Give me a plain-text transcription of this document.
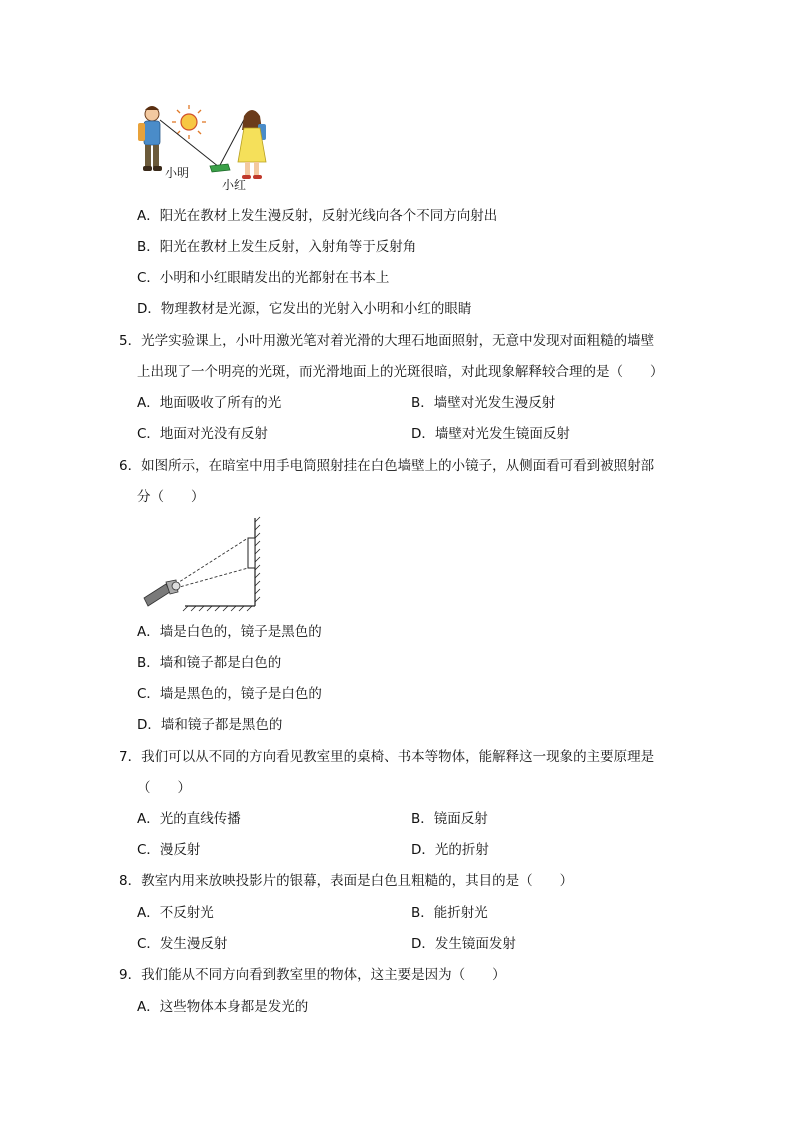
小明
小红
A．阳光在教材上发生漫反射，反射光线向各个不同方向射出
B．阳光在教材上发生反射，入射角等于反射角
C．小明和小红眼睛发出的光都射在书本上
D．物理教材是光源，它发出的光射入小明和小红的眼睛
5．光学实验课上，小叶用激光笔对着光滑的大理石地面照射，无意中发现对面粗糙的墙壁
上出现了一个明亮的光斑，而光滑地面上的光斑很暗，对此现象解释较合理的是（　　）
A．地面吸收了所有的光	B．墙壁对光发生漫反射
C．地面对光没有反射	D．墙壁对光发生镜面反射
6．如图所示，在暗室中用手电筒照射挂在白色墙壁上的小镜子，从侧面看可看到被照射部
分（　　）
A．墙是白色的，镜子是黑色的
B．墙和镜子都是白色的
C．墙是黑色的，镜子是白色的
D．墙和镜子都是黑色的
7．我们可以从不同的方向看见教室里的桌椅、书本等物体，能解释这一现象的主要原理是
（　　）
A．光的直线传播	B．镜面反射
C．漫反射	D．光的折射
8．教室内用来放映投影片的银幕，表面是白色且粗糙的，其目的是（　　）
A．不反射光	B．能折射光
C．发生漫反射	D．发生镜面发射
9．我们能从不同方向看到教室里的物体，这主要是因为（　　）
A．这些物体本身都是发光的
